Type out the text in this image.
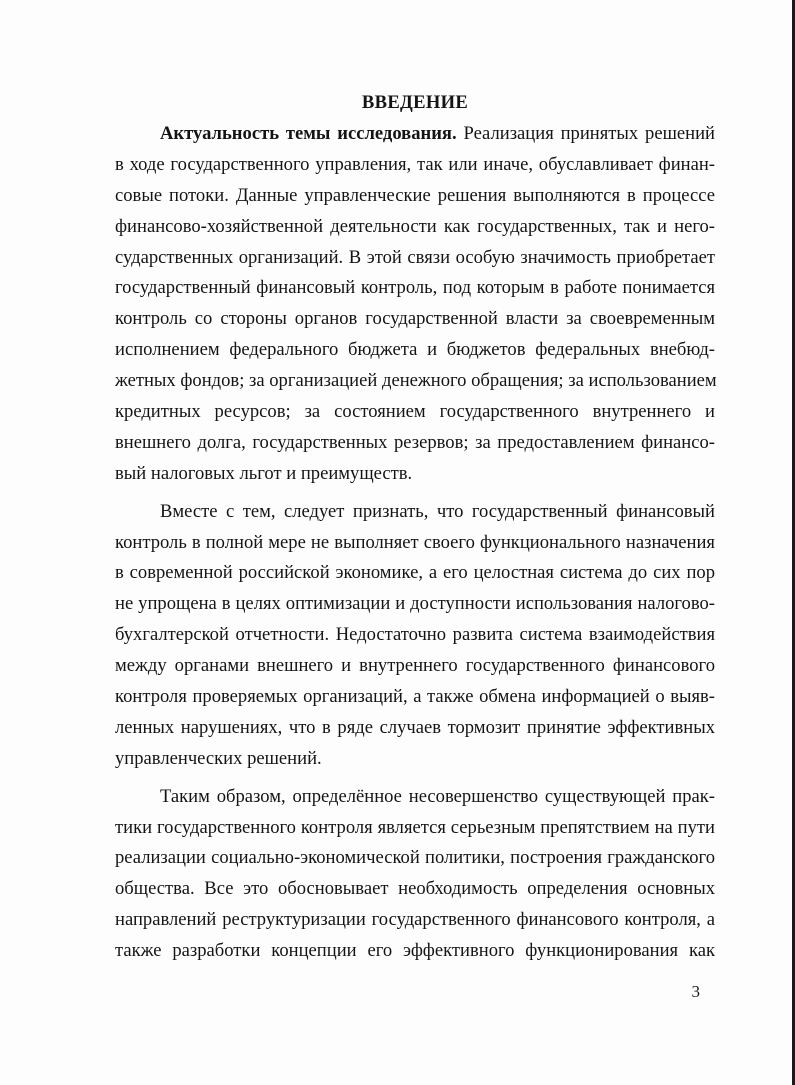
ВВЕДЕНИЕ
Актуальность темы исследования. Реализация принятых решений
в ходе государственного управления, так или иначе, обуславливает финан-
совые потоки. Данные управленческие решения выполняются в процессе
финансово-хозяйственной деятельности как государственных, так и него-
сударственных организаций. В этой связи особую значимость приобретает
государственный финансовый контроль, под которым в работе понимается
контроль со стороны органов государственной власти за своевременным
исполнением федерального бюджета и бюджетов федеральных внебюд-
жетных фондов; за организацией денежного обращения; за использованием
кредитных ресурсов; за состоянием государственного внутреннего и
внешнего долга, государственных резервов; за предоставлением финансо-
вый налоговых льгот и преимуществ.
Вместе с тем, следует признать, что государственный финансовый
контроль в полной мере не выполняет своего функционального назначения
в современной российской экономике, а его целостная система до сих пор
не упрощена в целях оптимизации и доступности использования налогово-
бухгалтерской отчетности. Недостаточно развита система взаимодействия
между органами внешнего и внутреннего государственного финансового
контроля проверяемых организаций, а также обмена информацией о выяв-
ленных нарушениях, что в ряде случаев тормозит принятие эффективных
управленческих решений.
Таким образом, определённое несовершенство существующей прак-
тики государственного контроля является серьезным препятствием на пути
реализации социально-экономической политики, построения гражданского
общества. Все это обосновывает необходимость определения основных
направлений реструктуризации государственного финансового контроля, а
также разработки концепции его эффективного функционирования как
3
